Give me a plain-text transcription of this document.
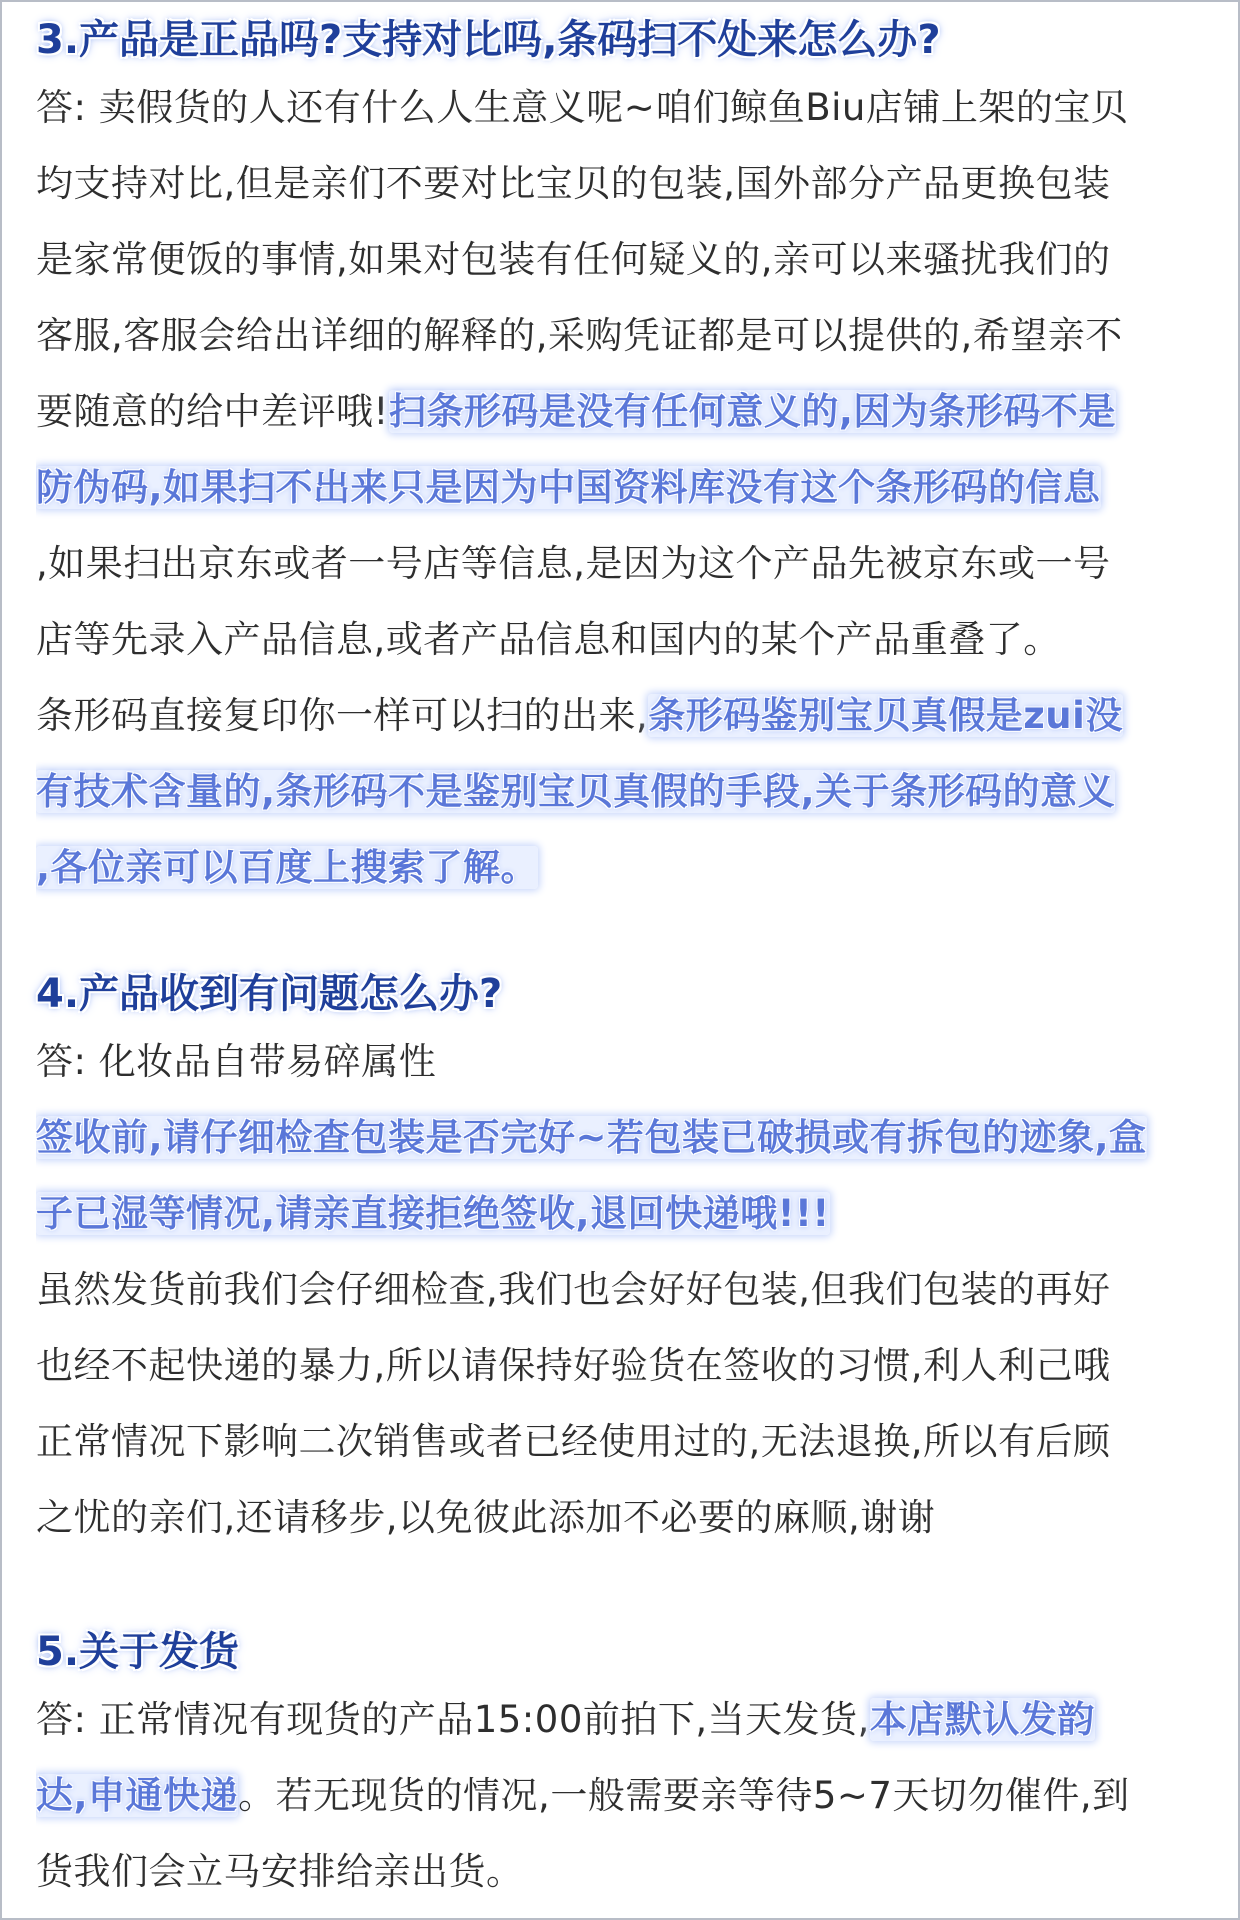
3.产品是正品吗?支持对比吗,条码扫不处来怎么办?
答: 卖假货的人还有什么人生意义呢~咱们鲸鱼Biu店铺上架的宝贝
均支持对比,但是亲们不要对比宝贝的包装,国外部分产品更换包装
是家常便饭的事情,如果对包装有任何疑义的,亲可以来骚扰我们的
客服,客服会给出详细的解释的,采购凭证都是可以提供的,希望亲不
要随意的给中差评哦!扫条形码是没有任何意义的,因为条形码不是
防伪码,如果扫不出来只是因为中国资料库没有这个条形码的信息
,如果扫出京东或者一号店等信息,是因为这个产品先被京东或一号
店等先录入产品信息,或者产品信息和国内的某个产品重叠了。
条形码直接复印你一样可以扫的出来,条形码鉴别宝贝真假是zui没
有技术含量的,条形码不是鉴别宝贝真假的手段,关于条形码的意义
,各位亲可以百度上搜索了解。
4.产品收到有问题怎么办?
答: 化妆品自带易碎属性
签收前,请仔细检查包装是否完好~若包装已破损或有拆包的迹象,盒
子已湿等情况,请亲直接拒绝签收,退回快递哦!!!
虽然发货前我们会仔细检查,我们也会好好包装,但我们包装的再好
也经不起快递的暴力,所以请保持好验货在签收的习惯,利人利己哦
正常情况下影响二次销售或者已经使用过的,无法退换,所以有后顾
之忧的亲们,还请移步,以免彼此添加不必要的麻顺,谢谢
5.关于发货
答: 正常情况有现货的产品15:00前拍下,当天发货,本店默认发韵
达,申通快递。若无现货的情况,一般需要亲等待5~7天切勿催件,到
货我们会立马安排给亲出货。
